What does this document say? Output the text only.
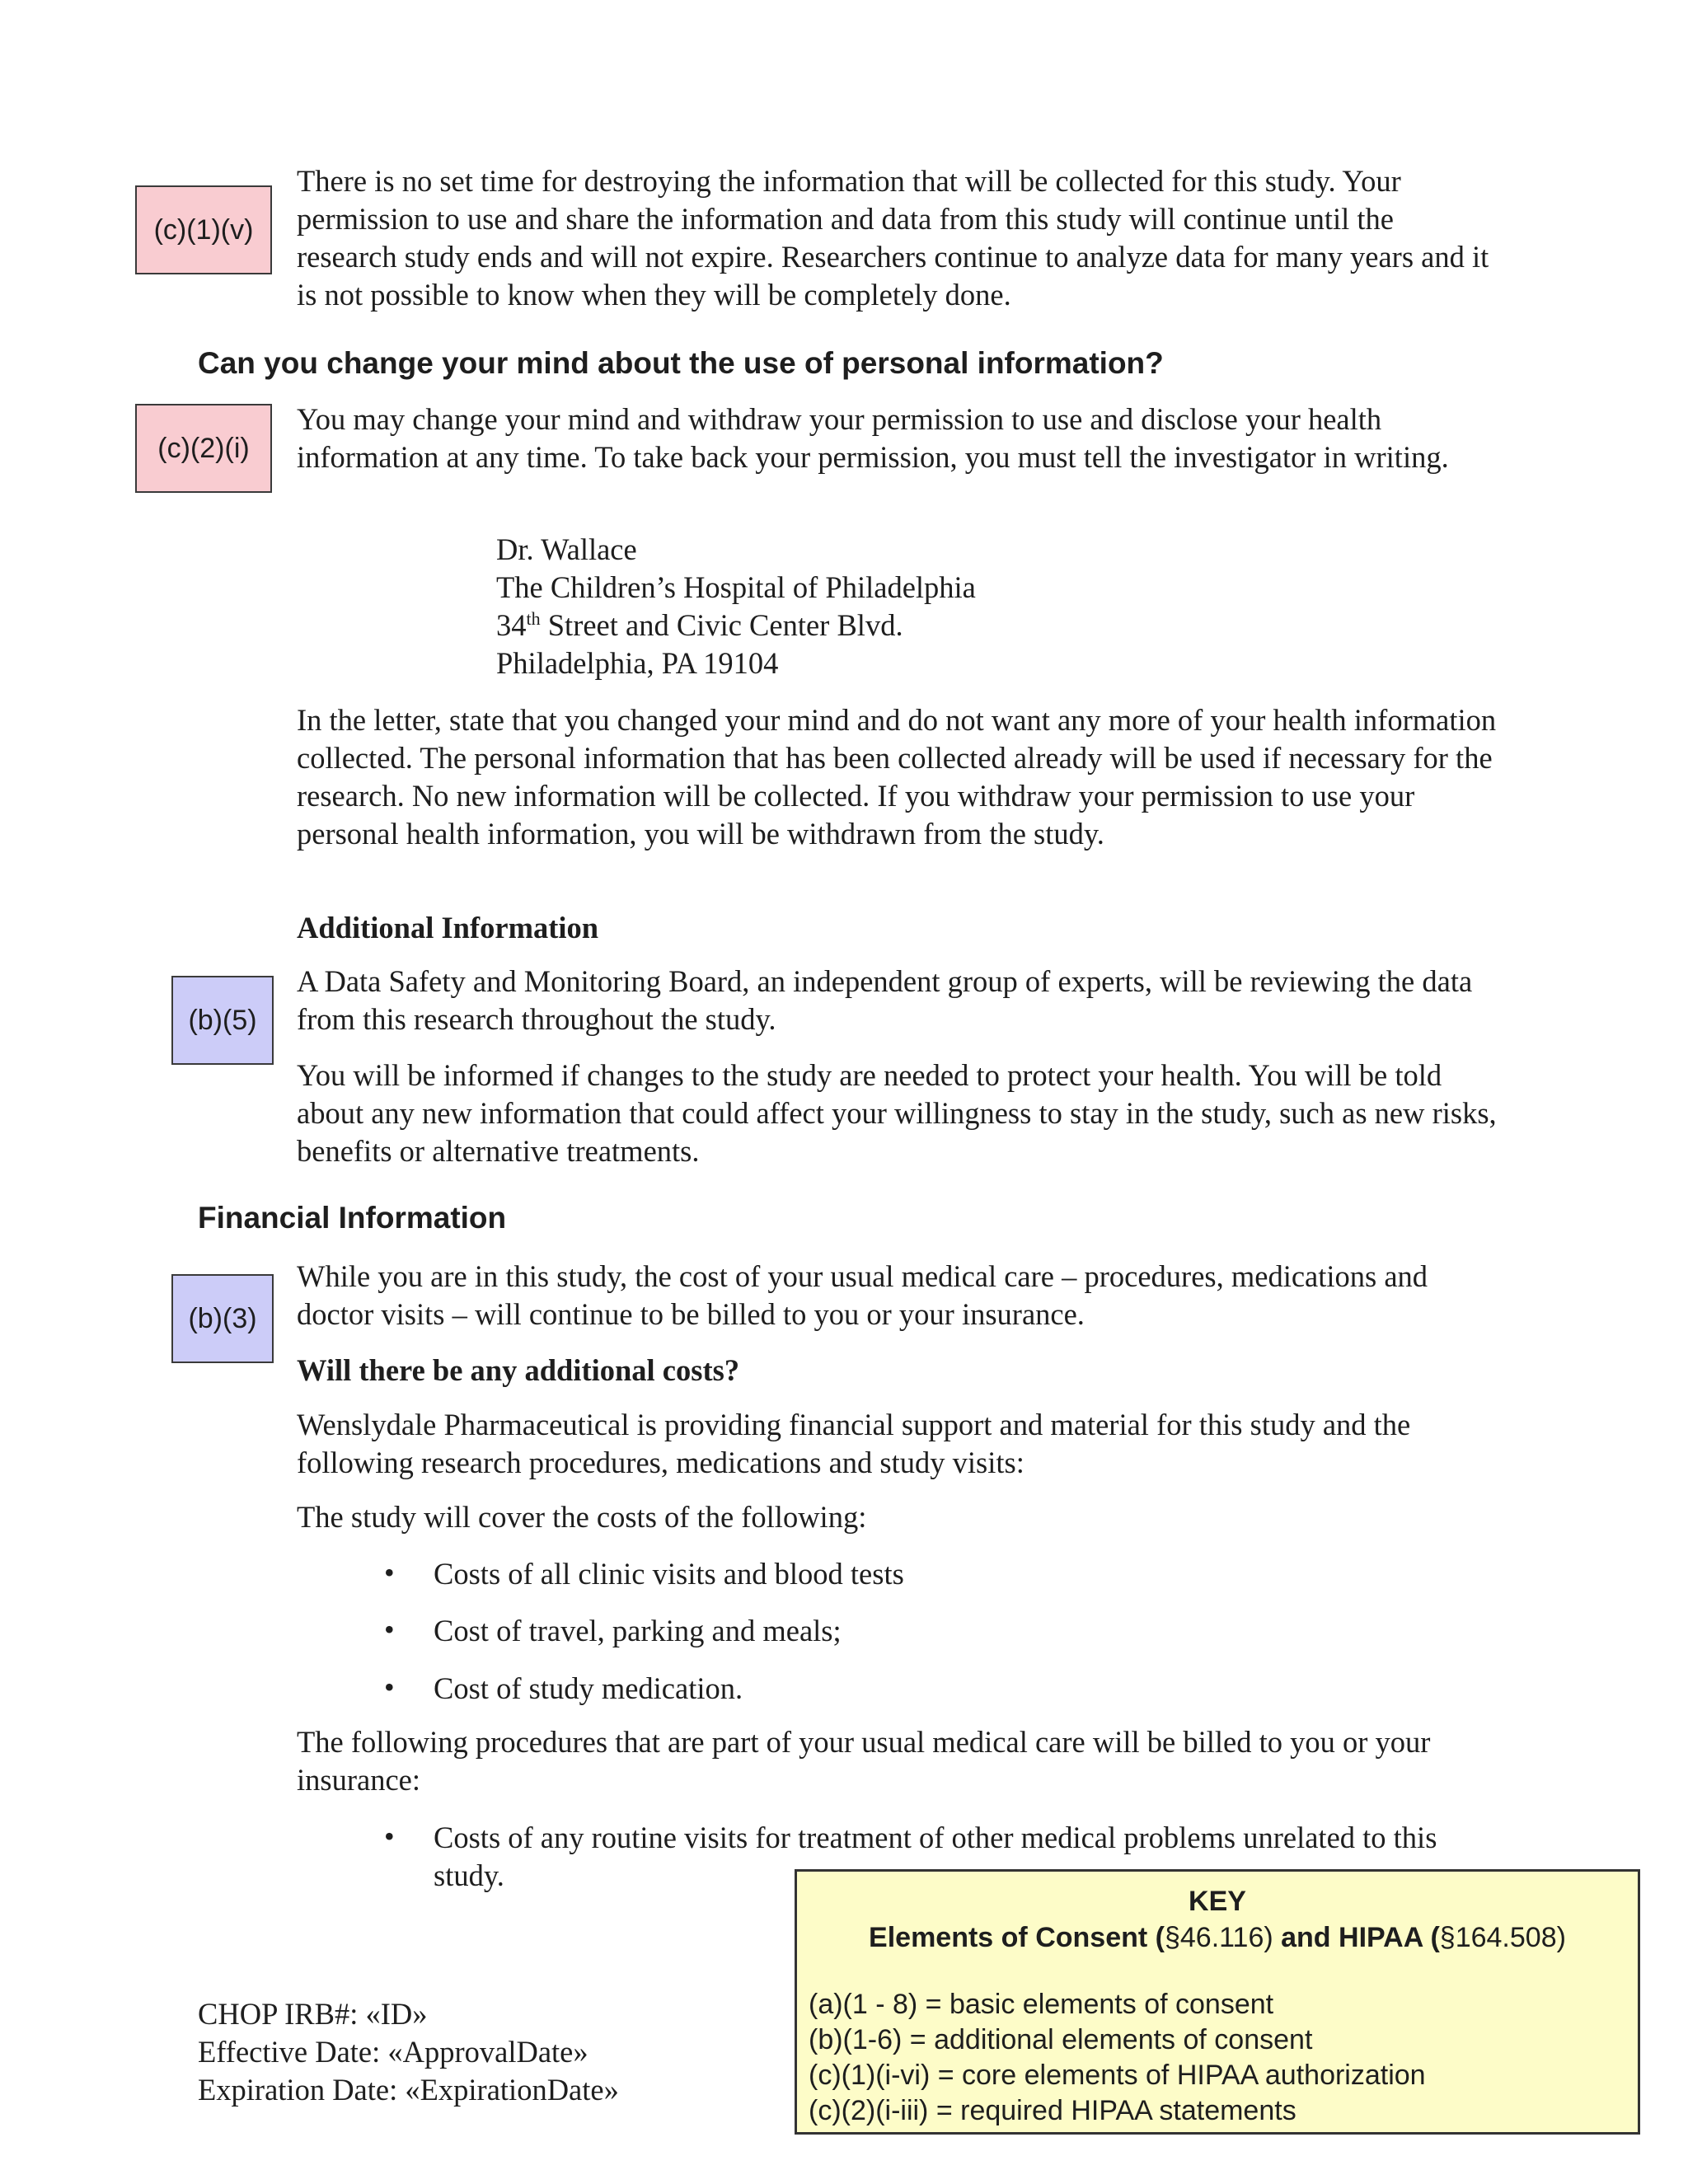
(c)(1)(v)

There is no set time for destroying the information that will be collected for this study. Your permission to use and share the information and data from this study will continue until the research study ends and will not expire. Researchers continue to analyze data for many years and it is not possible to know when they will be completely done.

Can you change your mind about the use of personal information?
(c)(2)(i)

You may change your mind and withdraw your permission to use and disclose your health information at any time. To take back your permission, you must tell the investigator in writing.

Dr. Wallace
The Children’s Hospital of Philadelphia
34th Street and Civic Center Blvd.
Philadelphia, PA 19104

In the letter, state that you changed your mind and do not want any more of your health information collected. The personal information that has been collected already will be used if necessary for the research. No new information will be collected. If you withdraw your permission to use your personal health information, you will be withdrawn from the study.

Additional Information
(b)(5)

A Data Safety and Monitoring Board, an independent group of experts, will be reviewing the data from this research throughout the study.

You will be informed if changes to the study are needed to protect your health. You will be told about any new information that could affect your willingness to stay in the study, such as new risks, benefits or alternative treatments.

Financial Information
(b)(3)

While you are in this study, the cost of your usual medical care – procedures, medications and doctor visits – will continue to be billed to you or your insurance.

Will there be any additional costs?

Wenslydale Pharmaceutical is providing financial support and material for this study and the following research procedures, medications and study visits:

The study will cover the costs of the following:

• Costs of all clinic visits and blood tests
• Cost of travel, parking and meals;
• Cost of study medication.

The following procedures that are part of your usual medical care will be billed to you or your insurance:

• Costs of any routine visits for treatment of other medical problems unrelated to this study.
CHOP IRB#: «ID»
Effective Date: «ApprovalDate»
Expiration Date: «ExpirationDate»
KEY
Elements of Consent (§46.116) and HIPAA (§164.508)
(a)(1 - 8) = basic elements of consent
(b)(1-6) = additional elements of consent
(c)(1)(i-vi) = core elements of HIPAA authorization
(c)(2)(i-iii) = required HIPAA statements
